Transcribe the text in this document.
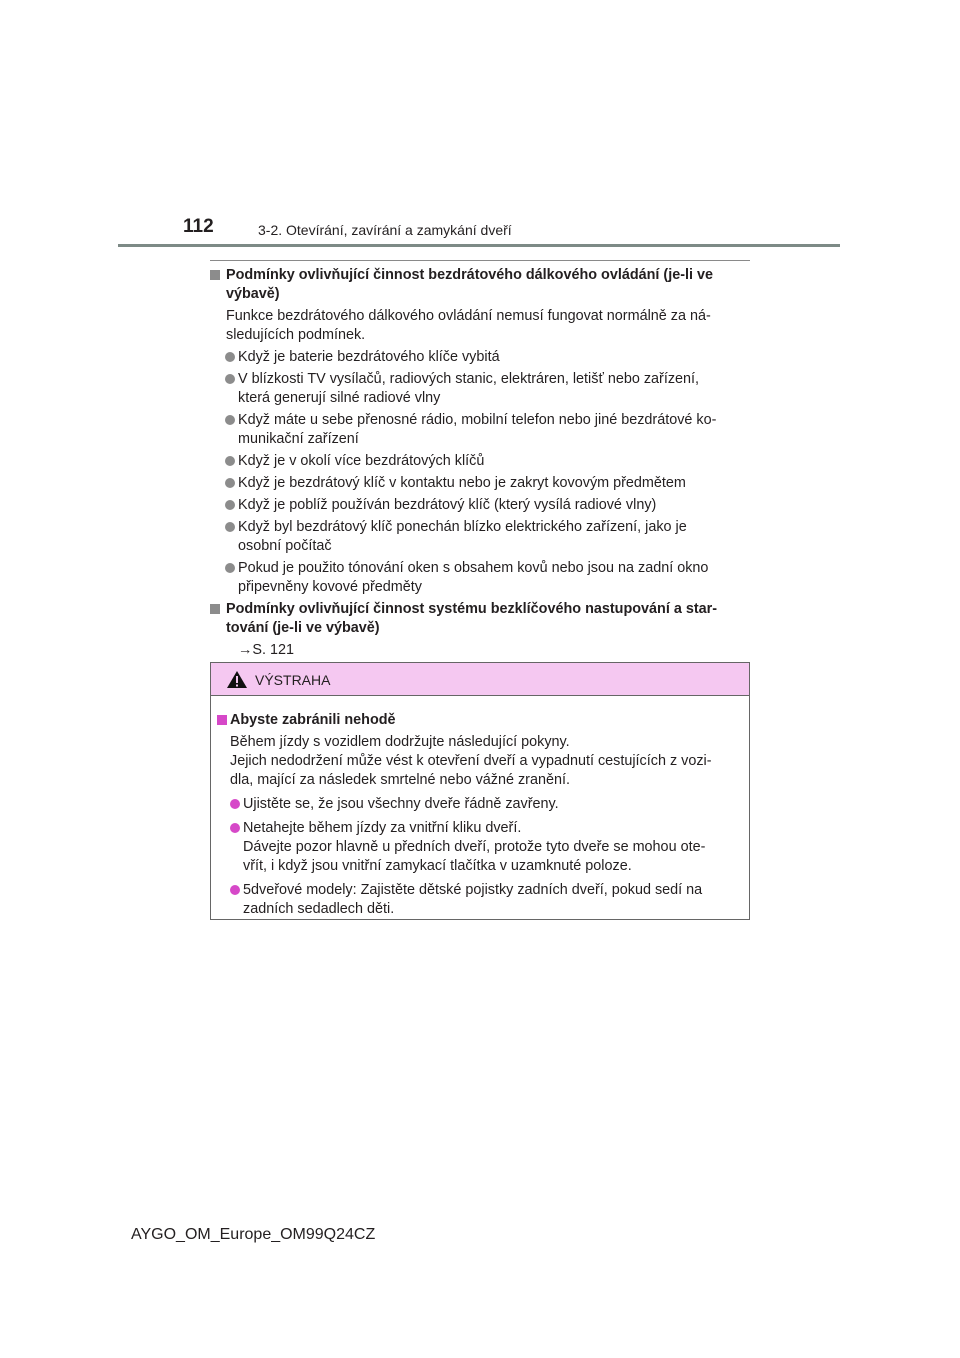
112	3-2. Otevírání, zavírání a zamykání dveří
Podmínky ovlivňující činnost bezdrátového dálkového ovládání (je-li ve
výbavě)
Funkce bezdrátového dálkového ovládání nemusí fungovat normálně za ná-
sledujících podmínek.
Když je baterie bezdrátového klíče vybitá
V blízkosti TV vysílačů, radiových stanic, elektráren, letišť nebo zařízení,
která generují silné radiové vlny
Když máte u sebe přenosné rádio, mobilní telefon nebo jiné bezdrátové ko-
munikační zařízení
Když je v okolí více bezdrátových klíčů
Když je bezdrátový klíč v kontaktu nebo je zakryt kovovým předmětem
Když je poblíž používán bezdrátový klíč (který vysílá radiové vlny)
Když byl bezdrátový klíč ponechán blízko elektrického zařízení, jako je
osobní počítač
Pokud je použito tónování oken s obsahem kovů nebo jsou na zadní okno
připevněny kovové předměty
Podmínky ovlivňující činnost systému bezklíčového nastupování a star-
tování (je-li ve výbavě)
→S. 121
VÝSTRAHA
Abyste zabránili nehodě
Během jízdy s vozidlem dodržujte následující pokyny.
Jejich nedodržení může vést k otevření dveří a vypadnutí cestujících z vozi-
dla, mající za následek smrtelné nebo vážné zranění.
Ujistěte se, že jsou všechny dveře řádně zavřeny.
Netahejte během jízdy za vnitřní kliku dveří.
Dávejte pozor hlavně u předních dveří, protože tyto dveře se mohou ote-
vřít, i když jsou vnitřní zamykací tlačítka v uzamknuté poloze.
5dveřové modely: Zajistěte dětské pojistky zadních dveří, pokud sedí na
zadních sedadlech děti.
AYGO_OM_Europe_OM99Q24CZ
